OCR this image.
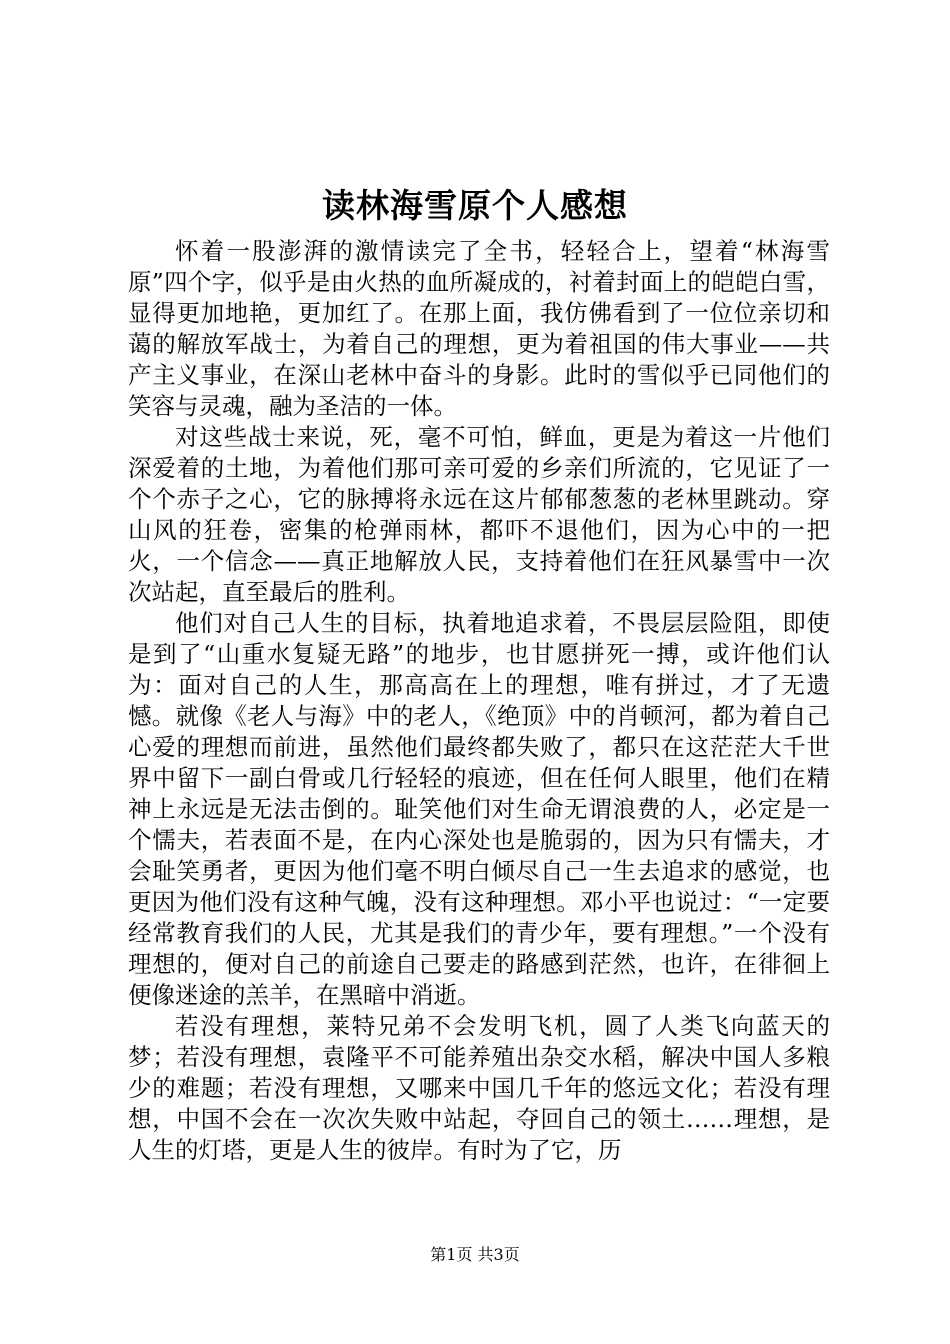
读林海雪原个人感想

怀着一股澎湃的激情读完了全书，轻轻合上，望着“林海雪原”四个字，似乎是由火热的血所凝成的，衬着封面上的皑皑白雪，显得更加地艳，更加红了。在那上面，我仿佛看到了一位位亲切和蔼的解放军战士，为着自己的理想，更为着祖国的伟大事业——共产主义事业，在深山老林中奋斗的身影。此时的雪似乎已同他们的笑容与灵魂，融为圣洁的一体。

对这些战士来说，死，毫不可怕，鲜血，更是为着这一片他们深爱着的土地，为着他们那可亲可爱的乡亲们所流的，它见证了一个个赤子之心，它的脉搏将永远在这片郁郁葱葱的老林里跳动。穿山风的狂卷，密集的枪弹雨林，都吓不退他们，因为心中的一把火，一个信念——真正地解放人民，支持着他们在狂风暴雪中一次次站起，直至最后的胜利。

他们对自己人生的目标，执着地追求着，不畏层层险阻，即使是到了“山重水复疑无路”的地步，也甘愿拼死一搏，或许他们认为：面对自己的人生，那高高在上的理想，唯有拼过，才了无遗憾。就像《老人与海》中的老人，《绝顶》中的肖顿河，都为着自己心爱的理想而前进，虽然他们最终都失败了，都只在这茫茫大千世界中留下一副白骨或几行轻轻的痕迹，但在任何人眼里，他们在精神上永远是无法击倒的。耻笑他们对生命无谓浪费的人，必定是一个懦夫，若表面不是，在内心深处也是脆弱的，因为只有懦夫，才会耻笑勇者，更因为他们毫不明白倾尽自己一生去追求的感觉，也更因为他们没有这种气魄，没有这种理想。邓小平也说过：“一定要经常教育我们的人民，尤其是我们的青少年，要有理想。”一个没有理想的，便对自己的前途自己要走的路感到茫然，也许，在徘徊上便像迷途的羔羊，在黑暗中消逝。

若没有理想，莱特兄弟不会发明飞机，圆了人类飞向蓝天的梦；若没有理想，袁隆平不可能养殖出杂交水稻，解决中国人多粮少的难题；若没有理想，又哪来中国几千年的悠远文化；若没有理想，中国不会在一次次失败中站起，夺回自己的领土……理想，是人生的灯塔，更是人生的彼岸。有时为了它，历

第1页 共3页
